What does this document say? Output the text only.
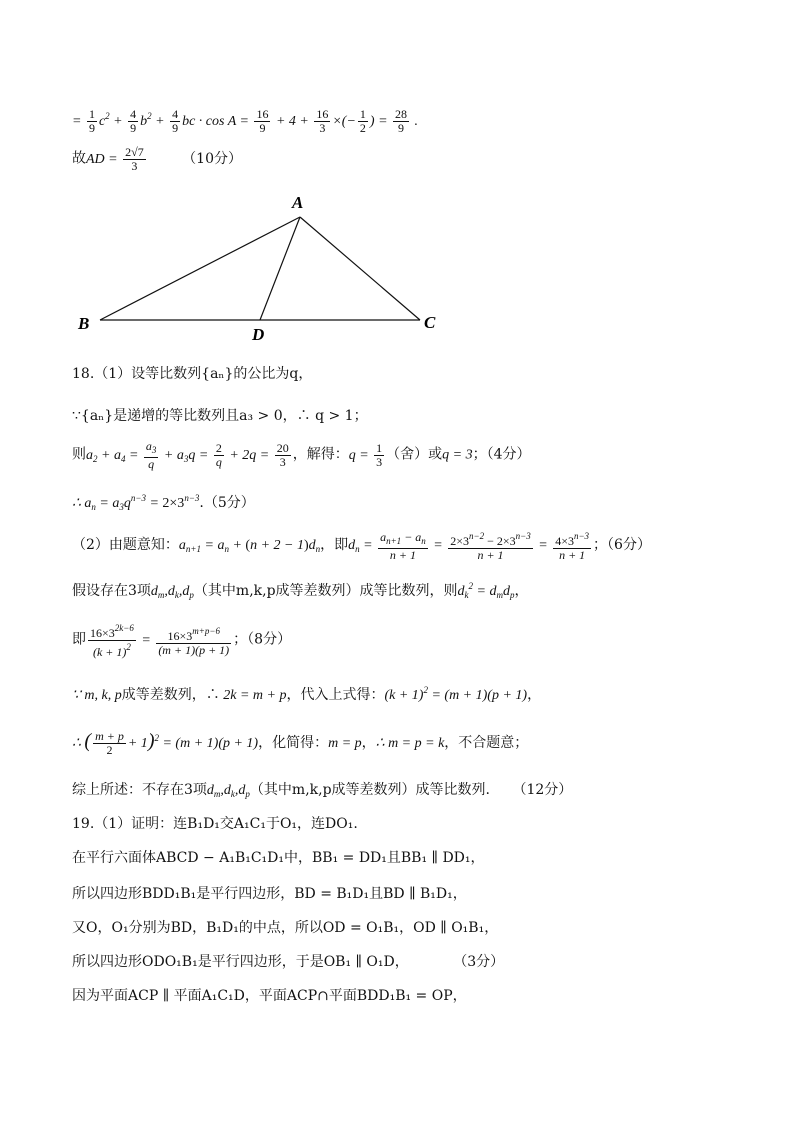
= $\frac{1}{9} c^2 + \frac{4}{9} b^2 + \frac{4}{9}$ bc · $\cos A = \frac{16}{9} + 4 + \frac{16}{3}$ ×(− $\frac{1}{2}$ ) = $\frac{28}{9}$ .
故AD = $\frac{2√7}{3}$	（10分）
A
B	C
D
18.（1）设等比数列{aₙ}的公比为q，
∵{aₙ}是递增的等比数列且a₃ > 0，∴ q > 1；
则$a_2 + a_4 = \frac{a_3}{q} + a_3q = \frac{2}{q} + 2q = \frac{20}{3}$ ，解得：$q = \frac{1}{3}$ （舍）或q = 3；（4分）
∴ $a_n = a_3q^{n-3} = 2\times 3^{n-3}.(5$分）
（2）由题意知：$a_{n+1} = a_n + (n + 2 - 1)d_n$，即$d_n = \frac{a_{n+1} - a_n}{n + 1} = \frac{2\times 3^{n-2} - 2\times 3^{n-3}}{n + 1} = \frac{4\times 3^{n-3}}{n + 1}$ ；（6分）
假设存在3项$d_m,d_k,d_p$（其中m,k,p成等差数列）成等比数列，则$d_k^2 = d_md_p$，
即 $\frac{16\times 3^{2k-6}}{(k + 1)^2} = \frac{16\times 3^{m+p-6}}{(m + 1)(p + 1)}$ ；（8分）
∵ m, k, p成等差数列，∴ 2k = m + p，代入上式得：$(k + 1)^2 = (m + 1)(p + 1)$，
∴ ( $\frac{m + p}{2} + 1)^2 = (m + 1)(p + 1)$，化简得：m = p，∴ m = p = k，不合题意；
综上所述：不存在3项$d_m,d_k,d_p$（其中m,k,p成等差数列）成等比数列. （12分）
19.（1）证明：连B₁D₁交A₁C₁于O₁，连DO₁.
在平行六面体ABCD − A₁B₁C₁D₁中，BB₁ = DD₁且BB₁ ∥ DD₁，
所以四边形BDD₁B₁是平行四边形，BD = B₁D₁且BD ∥ B₁D₁，
又O，O₁分别为BD，B₁D₁的中点，所以OD = O₁B₁，OD ∥ O₁B₁，
所以四边形ODO₁B₁是平行四边形，于是OB₁ ∥ O₁D，	（3分）
因为平面ACP ∥ 平面A₁C₁D，平面ACP∩平面BDD₁B₁ = OP，
